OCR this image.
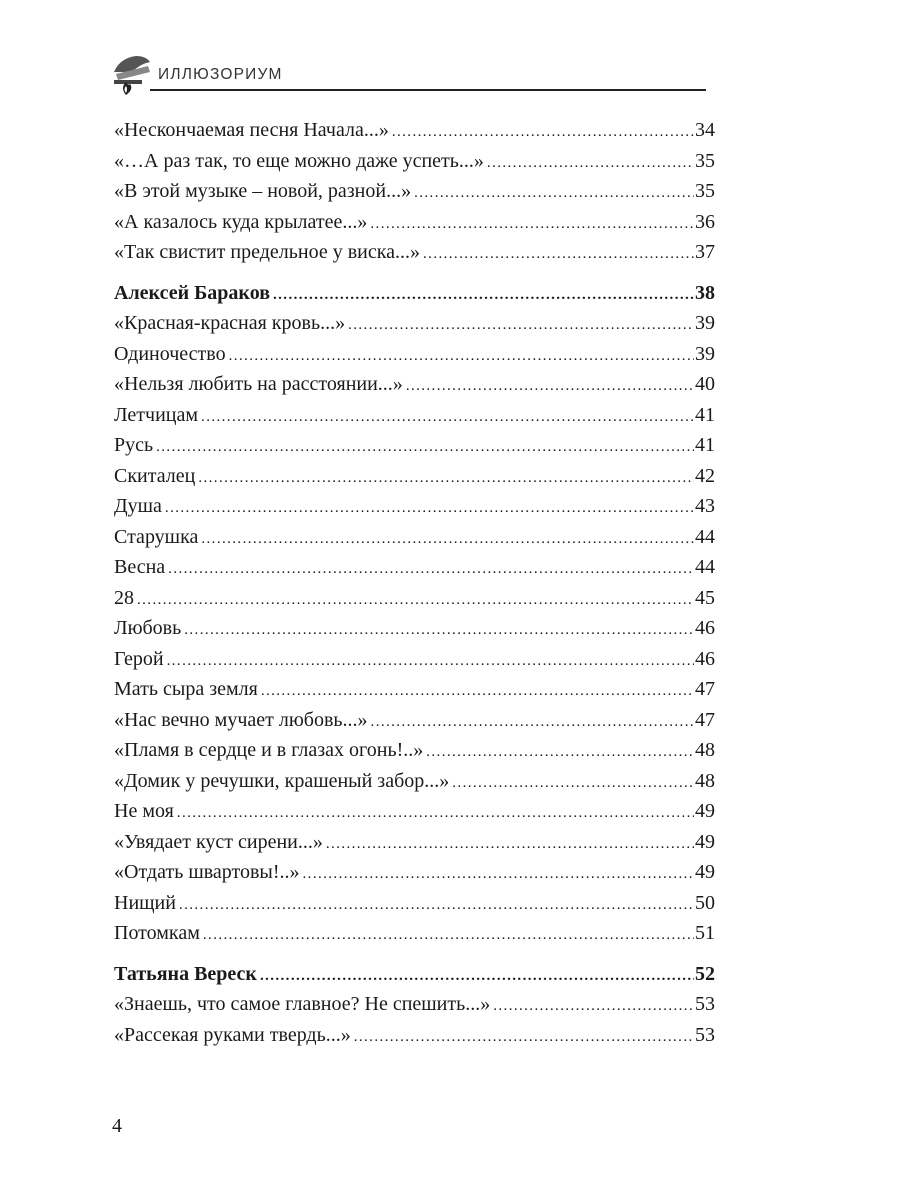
ИЛЛЮЗОРИУМ
«Нескончаемая песня Начала...» .....	34
«…А раз так, то еще можно даже успеть...» .....	35
«В этой музыке – новой, разной...» .....	35
«А казалось куда крылатее...» .....	36
«Так свистит предельное у виска...» .....	37
Алексей Бараков .....	38
«Красная-красная кровь...» .....	39
Одиночество .....	39
«Нельзя любить на расстоянии...» .....	40
Летчицам .....	41
Русь .....	41
Скиталец .....	42
Душа .....	43
Старушка .....	44
Весна .....	44
28 .....	45
Любовь .....	46
Герой .....	46
Мать сыра земля .....	47
«Нас вечно мучает любовь...» .....	47
«Пламя в сердце и в глазах огонь!..» .....	48
«Домик у речушки, крашеный забор...» .....	48
Не моя .....	49
«Увядает куст сирени...» .....	49
«Отдать швартовы!..» .....	49
Нищий .....	50
Потомкам .....	51
Татьяна Вереск .....	52
«Знаешь, что самое главное? Не спешить...» .....	53
«Рассекая руками твердь...» .....	53
4
